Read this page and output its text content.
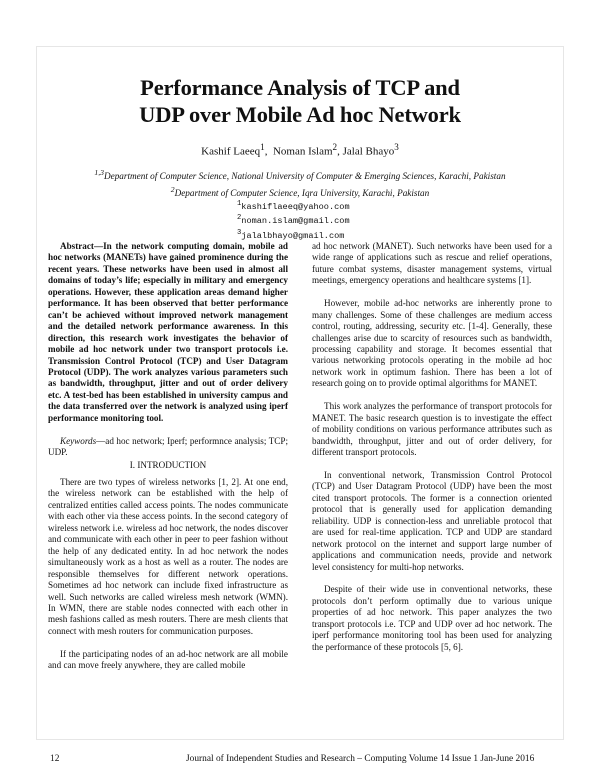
Performance Analysis of TCP and
UDP over Mobile Ad hoc Network
Kashif Laeeq$^1$,  Noman Islam$^2$, Jalal Bhayo$^3$
$^{1,3}$Department of Computer Science, National University of Computer & Emerging Sciences, Karachi, Pakistan
$^2$Department of Computer Science, Iqra University, Karachi, Pakistan
$^1$kashiflaeeq@yahoo.com
$^2$noman.islam@gmail.com
$^3$jalalbhayo@gmail.com

Abstract—In the network computing domain, mobile ad hoc networks (MANETs) have gained prominence during the recent years. These networks have been used in almost all domains of today’s life; especially in military and emergency operations. However, these application areas demand higher performance. It has been observed that better performance can’t be achieved without improved network management and the detailed network performance awareness. In this direction, this research work investigates the behavior of mobile ad hoc network under two transport protocols i.e. Transmission Control Protocol (TCP) and User Datagram Protocol (UDP). The work analyzes various parameters such as bandwidth, throughput, jitter and out of order delivery etc. A test-bed has been established in university campus and the data transferred over the network is analyzed using iperf performance monitoring tool.

Keywords—ad hoc network; Iperf; performnce analysis; TCP; UDP.

I. INTRODUCTION

There are two types of wireless networks [1, 2]. At one end, the wireless network can be established with the help of centralized entities called access points. The nodes communicate with each other via these access points. In the second category of wireless network i.e. wireless ad hoc network, the nodes discover and communicate with each other in peer to peer fashion without the help of any dedicated entity. In ad hoc network the nodes simultaneously work as a host as well as a router. The nodes are responsible themselves for different network operations. Sometimes ad hoc network can include fixed infrastructure as well. Such networks are called wireless mesh network (WMN). In WMN, there are stable nodes connected with each other in mesh fashions called as mesh routers. There are mesh clients that connect with mesh routers for communication purposes.

If the participating nodes of an ad-hoc network are all mobile and can move freely anywhere, they are called mobile

ad hoc network (MANET). Such networks have been used for a wide range of applications such as rescue and relief operations, future combat systems, disaster management systems, virtual meetings, emergency operations and healthcare systems [1].

However, mobile ad-hoc networks are inherently prone to many challenges. Some of these challenges are medium access control, routing, addressing, security etc. [1-4]. Generally, these challenges arise due to scarcity of resources such as bandwidth, processing capability and storage. It becomes essential that various networking protocols operating in the mobile ad hoc network work in optimum fashion. There has been a lot of research going on to provide optimal algorithms for MANET.

This work analyzes the performance of transport protocols for MANET. The basic research question is to investigate the effect of mobility conditions on various performance attributes such as bandwidth, throughput, jitter and out of order delivery, for different transport protocols.

In conventional network, Transmission Control Protocol (TCP) and User Datagram Protocol (UDP) have been the most cited transport protocols. The former is a connection oriented protocol that is generally used for application demanding reliability. UDP is connection-less and unreliable protocol that are used for real-time application. TCP and UDP are standard network protocol on the internet and support large number of applications and communication needs, provide and network level consistency for multi-hop networks.

Despite of their wide use in conventional networks, these protocols don’t perform optimally due to various unique properties of ad hoc network. This paper analyzes the two transport protocols i.e. TCP and UDP over ad hoc network. The iperf performance monitoring tool has been used for analyzing the performance of these protocols [5, 6].

12	Journal of Independent Studies and Research – Computing Volume 14 Issue 1 Jan-June 2016
